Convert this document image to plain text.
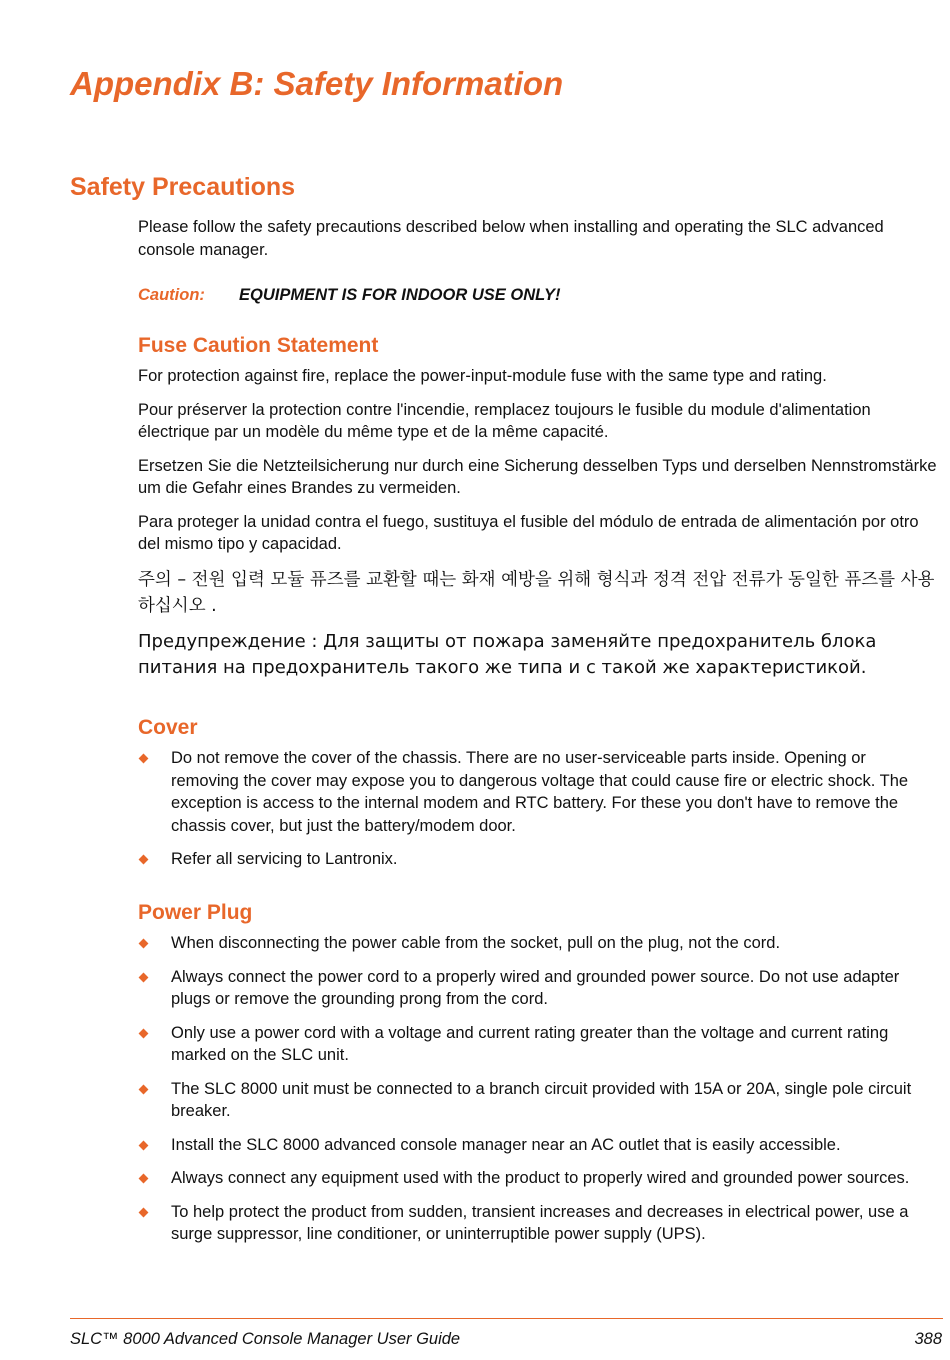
Appendix B: Safety Information
Safety Precautions

Please follow the safety precautions described below when installing and operating the SLC advanced console manager.

Caution: EQUIPMENT IS FOR INDOOR USE ONLY!
Fuse Caution Statement

For protection against fire, replace the power-input-module fuse with the same type and rating.

Pour préserver la protection contre l'incendie, remplacez toujours le fusible du module d'alimentation électrique par un modèle du même type et de la même capacité.

Ersetzen Sie die Netzteilsicherung nur durch eine Sicherung desselben Typs und derselben Nennstromstärke um die Gefahr eines Brandes zu vermeiden.

Para proteger la unidad contra el fuego, sustituya el fusible del módulo de entrada de alimentación por otro del mismo tipo y capacidad.

주의 – 전원 입력 모듈 퓨즈를 교환할 때는 화재 예방을 위해 형식과 정격 전압 전류가 동일한 퓨즈를 사용하십시오 .

Предупреждение : Для защиты от пожара заменяйте предохранитель блока питания на предохранитель такого же типа и с такой же характеристикой.

Cover
Do not remove the cover of the chassis. There are no user-serviceable parts inside. Opening or removing the cover may expose you to dangerous voltage that could cause fire or electric shock. The exception is access to the internal modem and RTC battery. For these you don't have to remove the chassis cover, but just the battery/modem door.
Refer all servicing to Lantronix.
Power Plug
When disconnecting the power cable from the socket, pull on the plug, not the cord.
Always connect the power cord to a properly wired and grounded power source. Do not use adapter plugs or remove the grounding prong from the cord.
Only use a power cord with a voltage and current rating greater than the voltage and current rating marked on the SLC unit.
The SLC 8000 unit must be connected to a branch circuit provided with 15A or 20A, single pole circuit breaker.
Install the SLC 8000 advanced console manager near an AC outlet that is easily accessible.
Always connect any equipment used with the product to properly wired and grounded power sources.
To help protect the product from sudden, transient increases and decreases in electrical power, use a surge suppressor, line conditioner, or uninterruptible power supply (UPS).
SLC™ 8000 Advanced Console Manager User Guide	388
